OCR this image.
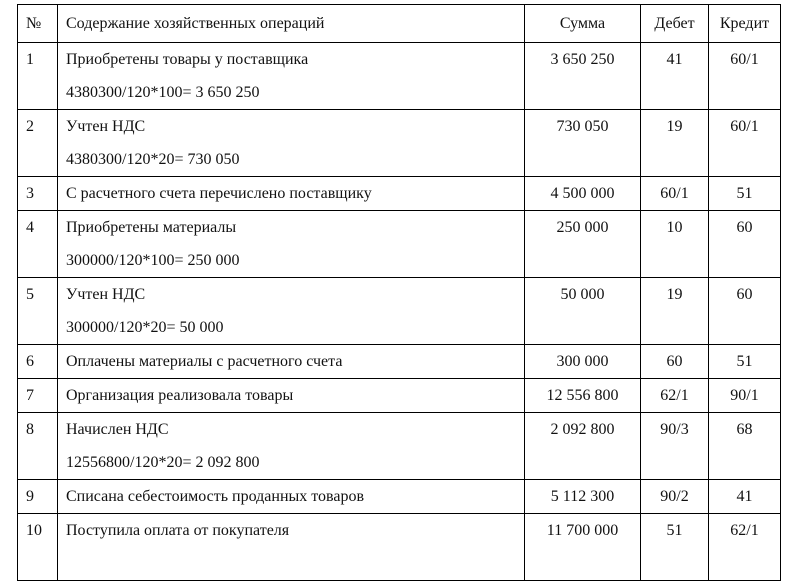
№	Содержание хозяйственных операций	Сумма	Дебет	Кредит

1	Приобретены товары у поставщика
4380300/120*100= 3 650 250	3 650 250	41	60/1

2	Учтен НДС
4380300/120*20= 730 050	730 050	19	60/1

3	С расчетного счета перечислено поставщику	4 500 000	60/1	51

4	Приобретены материалы
300000/120*100= 250 000	250 000	10	60

5	Учтен НДС
300000/120*20= 50 000	50 000	19	60

6	Оплачены материалы с расчетного счета	300 000	60	51

7	Организация реализовала товары	12 556 800	62/1	90/1

8	Начислен НДС
12556800/120*20= 2 092 800	2 092 800	90/3	68

9	Списана себестоимость проданных товаров	5 112 300	90/2	41

10	Поступила оплата от покупателя	11 700 000	51	62/1
